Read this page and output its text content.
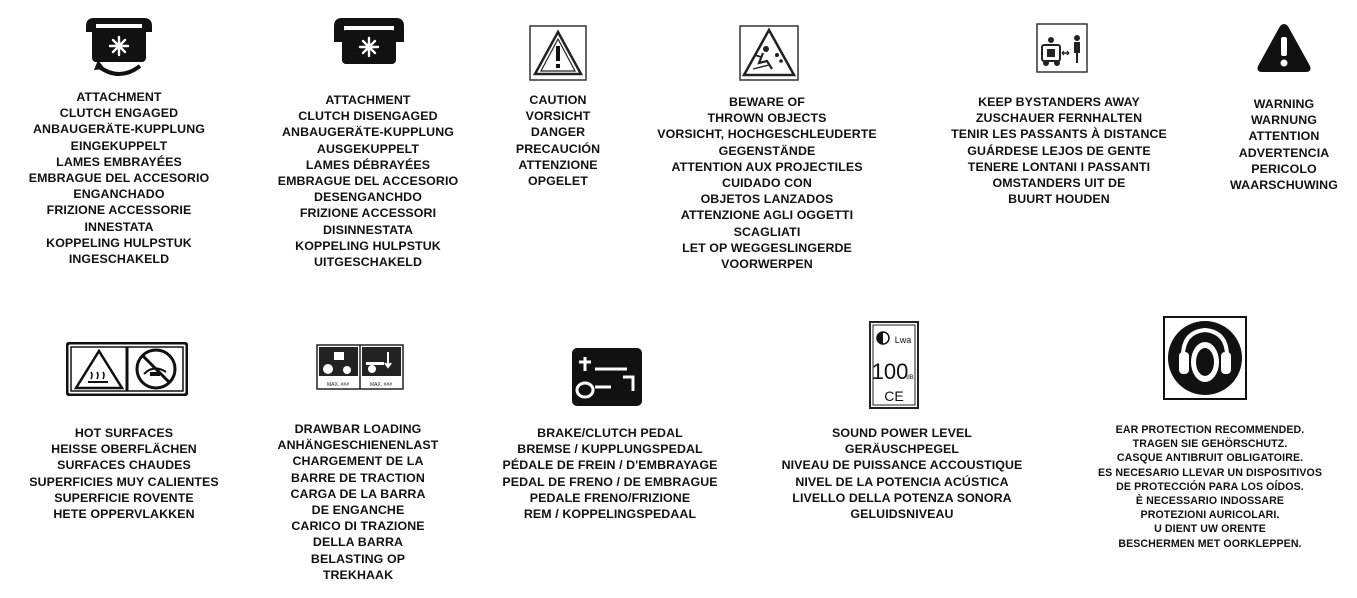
MAX. ###	MAX. ###
Lwa
100
dB
CE
ATTACHMENT
CLUTCH ENGAGED
ANBAUGERÄTE-KUPPLUNG
EINGEKUPPELT
LAMES EMBRAYÉES
EMBRAGUE DEL ACCESORIO
ENGANCHADO
FRIZIONE ACCESSORIE
INNESTATA
KOPPELING HULPSTUK
INGESCHAKELD
ATTACHMENT
CLUTCH DISENGAGED
ANBAUGERÄTE-KUPPLUNG
AUSGEKUPPELT
LAMES DÉBRAYÉES
EMBRAGUE DEL ACCESORIO
DESENGANCHDO
FRIZIONE ACCESSORI
DISINNESTATA
KOPPELING HULPSTUK
UITGESCHAKELD
CAUTION
VORSICHT
DANGER
PRECAUCIÓN
ATTENZIONE
OPGELET
BEWARE OF
THROWN OBJECTS
VORSICHT, HOCHGESCHLEUDERTE
GEGENSTÄNDE
ATTENTION AUX PROJECTILES
CUIDADO CON
OBJETOS LANZADOS
ATTENZIONE AGLI OGGETTI
SCAGLIATI
LET OP WEGGESLINGERDE
VOORWERPEN
KEEP BYSTANDERS AWAY
ZUSCHAUER FERNHALTEN
TENIR LES PASSANTS À DISTANCE
GUÁRDESE LEJOS DE GENTE
TENERE LONTANI I PASSANTI
OMSTANDERS UIT DE
BUURT HOUDEN
WARNING
WARNUNG
ATTENTION
ADVERTENCIA
PERICOLO
WAARSCHUWING
HOT SURFACES
HEISSE OBERFLÄCHEN
SURFACES CHAUDES
SUPERFICIES MUY CALIENTES
SUPERFICIE ROVENTE
HETE OPPERVLAKKEN
DRAWBAR LOADING
ANHÄNGESCHIENENLAST
CHARGEMENT DE LA
BARRE DE TRACTION
CARGA DE LA BARRA
DE ENGANCHE
CARICO DI TRAZIONE
DELLA BARRA
BELASTING OP
TREKHAAK
BRAKE/CLUTCH PEDAL
BREMSE / KUPPLUNGSPEDAL
PÉDALE DE FREIN / D'EMBRAYAGE
PEDAL DE FRENO / DE EMBRAGUE
PEDALE FRENO/FRIZIONE
REM / KOPPELINGSPEDAAL
SOUND POWER LEVEL
GERÄUSCHPEGEL
NIVEAU DE PUISSANCE ACCOUSTIQUE
NIVEL DE LA POTENCIA ACÚSTICA
LIVELLO DELLA POTENZA SONORA
GELUIDSNIVEAU
EAR PROTECTION RECOMMENDED.
TRAGEN SIE GEHÖRSCHUTZ.
CASQUE ANTIBRUIT OBLIGATOIRE.
ES NECESARIO LLEVAR UN DISPOSITIVOS
DE PROTECCIÓN PARA LOS OÍDOS.
È NECESSARIO INDOSSARE
PROTEZIONI AURICOLARI.
U DIENT UW ORENTE
BESCHERMEN MET OORKLEPPEN.
